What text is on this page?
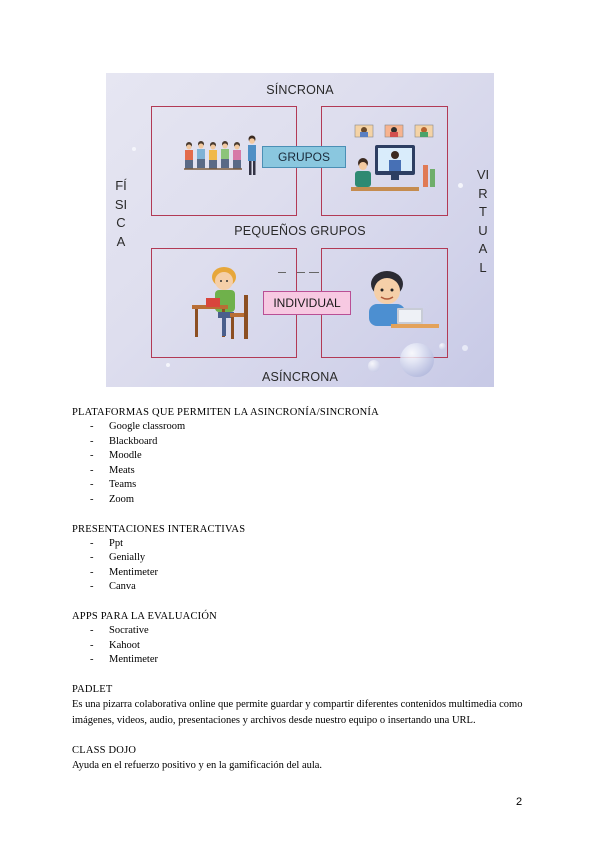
SÍNCRONA
PEQUEÑOS GRUPOS
ASÍNCRONA
FÍSICA
VIRTUAL
GRUPOS
INDIVIDUAL

PLATAFORMAS QUE PERMITEN LA ASINCRONÍA/SINCRONÍA

- Google classroom
- Blackboard
- Moodle
- Meats
- Teams
- Zoom

PRESENTACIONES INTERACTIVAS

- Ppt
- Genially
- Mentimeter
- Canva

APPS PARA LA EVALUACIÓN

- Socrative
- Kahoot
- Mentimeter

PADLET

Es una pizarra colaborativa online que permite guardar y compartir diferentes contenidos multimedia como imágenes, videos, audio, presentaciones y archivos desde nuestro equipo o insertando una URL.

CLASS DOJO

Ayuda en el refuerzo positivo y en la gamificación del aula.

2
